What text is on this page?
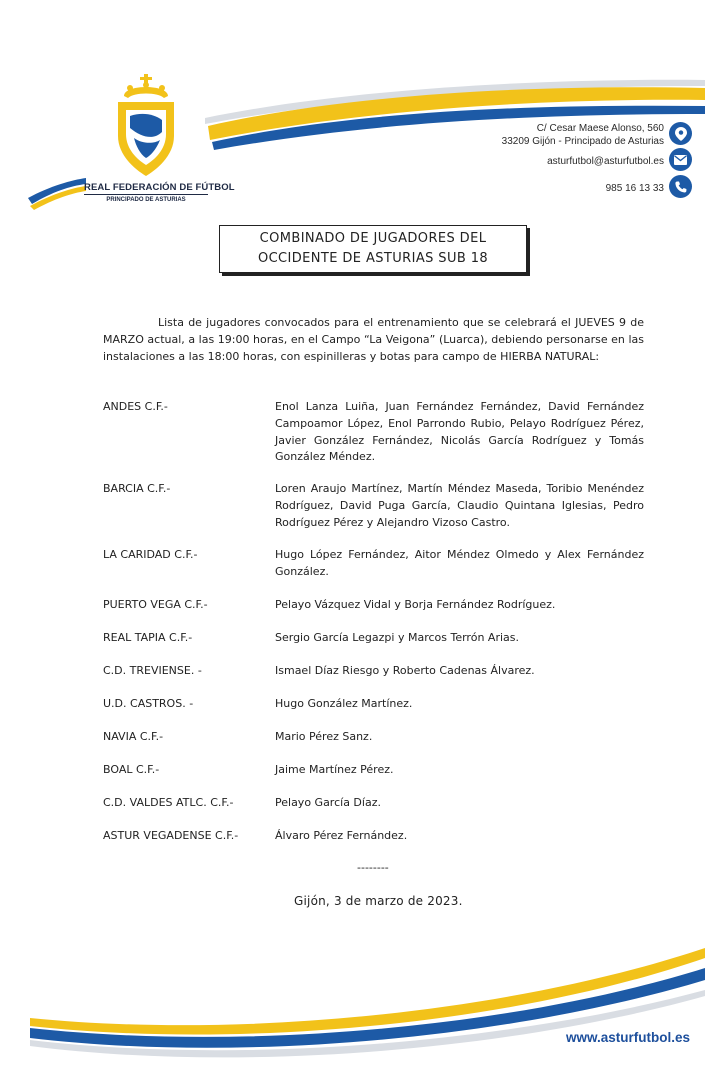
REAL FEDERACIÓN DE FÚTBOL
PRINCIPADO DE ASTURIAS
C/ Cesar Maese Alonso, 560
33209 Gijón - Principado de Asturias
asturfutbol@asturfutbol.es
985 16 13 33
COMBINADO DE JUGADORES DEL
OCCIDENTE DE ASTURIAS SUB 18
Lista de jugadores convocados para el entrenamiento que se celebrará el JUEVES 9 de MARZO actual, a las 19:00 horas, en el Campo “La Veigona” (Luarca), debiendo personarse en las instalaciones a las 18:00 horas, con espinilleras y botas para campo de HIERBA NATURAL:
ANDES C.F.-	Enol Lanza Luiña, Juan Fernández Fernández, David Fernández Campoamor López, Enol Parrondo Rubio, Pelayo Rodríguez Pérez, Javier González Fernández, Nicolás García Rodríguez y Tomás González Méndez.
BARCIA C.F.-	Loren Araujo Martínez, Martín Méndez Maseda, Toribio Menéndez Rodríguez, David Puga García, Claudio Quintana Iglesias, Pedro Rodríguez Pérez y Alejandro Vizoso Castro.
LA CARIDAD C.F.-	Hugo López Fernández, Aitor Méndez Olmedo y Alex Fernández González.
PUERTO VEGA C.F.-	Pelayo Vázquez Vidal y Borja Fernández Rodríguez.
REAL TAPIA C.F.-	Sergio García Legazpi y Marcos Terrón Arias.
C.D. TREVIENSE. -	Ismael Díaz Riesgo y Roberto Cadenas Álvarez.
U.D. CASTROS. -	Hugo González Martínez.
NAVIA C.F.-	Mario Pérez Sanz.
BOAL C.F.-	Jaime Martínez Pérez.
C.D. VALDES ATLC. C.F.-	Pelayo García Díaz.
ASTUR VEGADENSE C.F.-	Álvaro Pérez Fernández.
--------
Gijón, 3 de marzo de 2023.
www.asturfutbol.es
